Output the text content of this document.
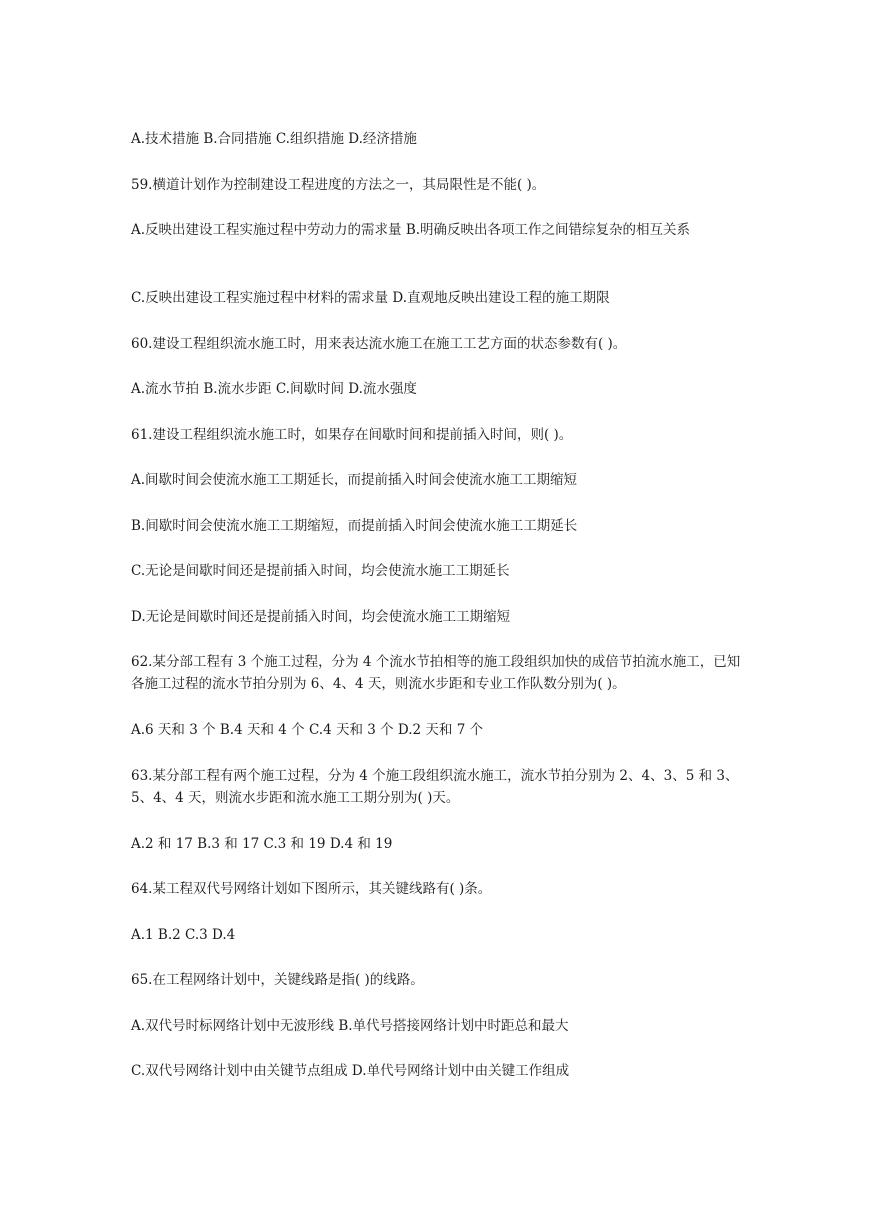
A.技术措施 B.合同措施 C.组织措施 D.经济措施

59.横道计划作为控制建设工程进度的方法之一，其局限性是不能( )。

A.反映出建设工程实施过程中劳动力的需求量 B.明确反映出各项工作之间错综复杂的相互关系

C.反映出建设工程实施过程中材料的需求量 D.直观地反映出建设工程的施工期限

60.建设工程组织流水施工时，用来表达流水施工在施工工艺方面的状态参数有( )。

A.流水节拍 B.流水步距 C.间歇时间 D.流水强度

61.建设工程组织流水施工时，如果存在间歇时间和提前插入时间，则( )。

A.间歇时间会使流水施工工期延长，而提前插入时间会使流水施工工期缩短

B.间歇时间会使流水施工工期缩短，而提前插入时间会使流水施工工期延长

C.无论是间歇时间还是提前插入时间，均会使流水施工工期延长

D.无论是间歇时间还是提前插入时间，均会使流水施工工期缩短

62.某分部工程有 3 个施工过程，分为 4 个流水节拍相等的施工段组织加快的成倍节拍流水施工，已知各施工过程的流水节拍分别为 6、4、4 天，则流水步距和专业工作队数分别为( )。

A.6 天和 3 个 B.4 天和 4 个 C.4 天和 3 个 D.2 天和 7 个

63.某分部工程有两个施工过程，分为 4 个施工段组织流水施工，流水节拍分别为 2、4、3、5 和 3、5、4、4 天，则流水步距和流水施工工期分别为( )天。

A.2 和 17 B.3 和 17 C.3 和 19 D.4 和 19

64.某工程双代号网络计划如下图所示，其关键线路有( )条。

A.1 B.2 C.3 D.4

65.在工程网络计划中，关键线路是指( )的线路。

A.双代号时标网络计划中无波形线 B.单代号搭接网络计划中时距总和最大

C.双代号网络计划中由关键节点组成 D.单代号网络计划中由关键工作组成
